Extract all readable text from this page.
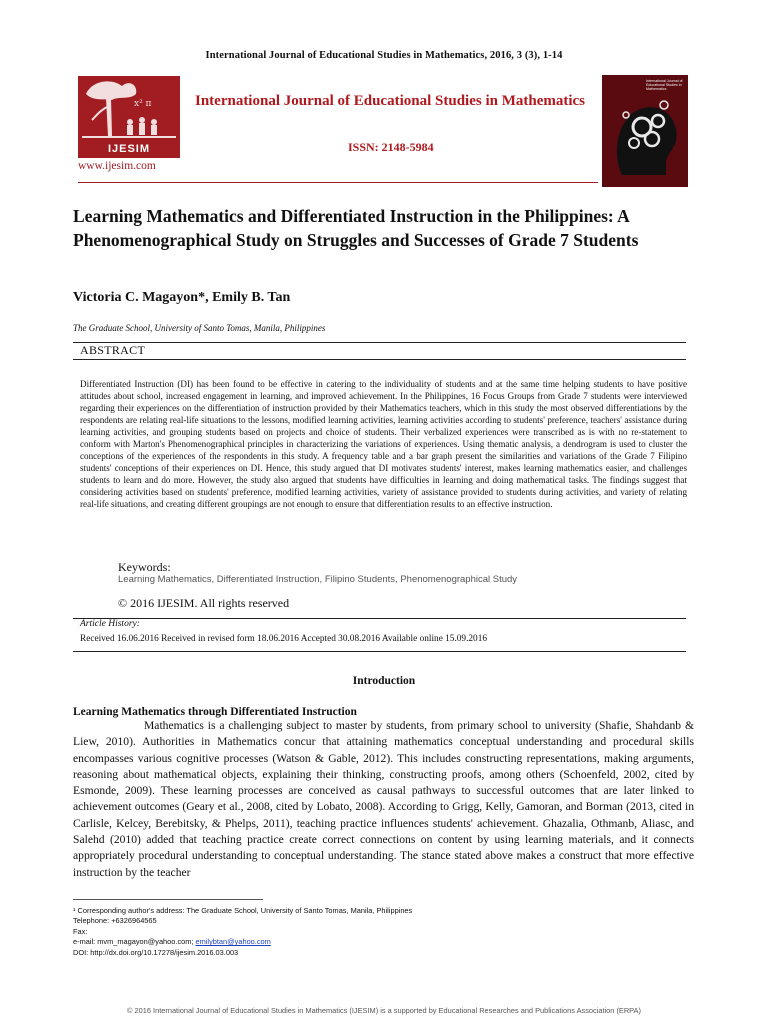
International Journal of Educational Studies in Mathematics, 2016, 3 (3), 1-14
x² π
IJESIM
www.ijesim.com
International Journal of Educational Studies in Mathematics
ISSN: 2148-5984
International Journal of Educational Studies in Mathematics
Learning Mathematics and Differentiated Instruction in the Philippines: A Phenomenographical Study on Struggles and Successes of Grade 7 Students
Victoria C. Magayon*, Emily B. Tan
The Graduate School, University of Santo Tomas, Manila, Philippines
ABSTRACT
Differentiated Instruction (DI) has been found to be effective in catering to the individuality of students and at the same time helping students to have positive attitudes about school, increased engagement in learning, and improved achievement. In the Philippines, 16 Focus Groups from Grade 7 students were interviewed regarding their experiences on the differentiation of instruction provided by their Mathematics teachers, which in this study the most observed differentiations by the respondents are relating real-life situations to the lessons, modified learning activities, learning activities according to students' preference, teachers' assistance during learning activities, and grouping students based on projects and choice of students. Their verbalized experiences were transcribed as is with no re-statement to conform with Marton's Phenomenographical principles in characterizing the variations of experiences. Using thematic analysis, a dendrogram is used to cluster the conceptions of the experiences of the respondents in this study. A frequency table and a bar graph present the similarities and variations of the Grade 7 Filipino students' conceptions of their experiences on DI. Hence, this study argued that DI motivates students' interest, makes learning mathematics easier, and challenges students to learn and do more. However, the study also argued that students have difficulties in learning and doing mathematical tasks. The findings suggest that considering activities based on students' preference, modified learning activities, variety of assistance provided to students during activities, and variety of relating real-life situations, and creating different groupings are not enough to ensure that differentiation results to an effective instruction.
Keywords:
Learning Mathematics, Differentiated Instruction, Filipino Students, Phenomenographical Study
© 2016 IJESIM. All rights reserved
Article History:
Received 16.06.2016 Received in revised form 18.06.2016 Accepted 30.08.2016 Available online 15.09.2016
Introduction
Learning Mathematics through Differentiated Instruction

Mathematics is a challenging subject to master by students, from primary school to university (Shafie, Shahdanb & Liew, 2010). Authorities in Mathematics concur that attaining mathematics conceptual understanding and procedural skills encompasses various cognitive processes (Watson & Gable, 2012). This includes constructing representations, making arguments, reasoning about mathematical objects, explaining their thinking, constructing proofs, among others (Schoenfeld, 2002, cited by Esmonde, 2009). These learning processes are conceived as causal pathways to successful outcomes that are later linked to achievement outcomes (Geary et al., 2008, cited by Lobato, 2008). According to Grigg, Kelly, Gamoran, and Borman (2013, cited in Carlisle, Kelcey, Berebitsky, & Phelps, 2011), teaching practice influences students' achievement. Ghazalia, Othmanb, Aliasc, and Salehd (2010) added that teaching practice create correct connections on content by using learning materials, and it connects appropriately procedural understanding to conceptual understanding. The stance stated above makes a construct that more effective instruction by the teacher

¹ Corresponding author's address: The Graduate School, University of Santo Tomas, Manila, Philippines
Telephone: +6326964565
Fax:
e-mail: mvm_magayon@yahoo.com; emilybtan@yahoo.com
DOI: http://dx.doi.org/10.17278/ijesim.2016.03.003
© 2016 International Journal of Educational Studies in Mathematics (IJESIM) is a supported by Educational Researches and Publications Association (ERPA)
